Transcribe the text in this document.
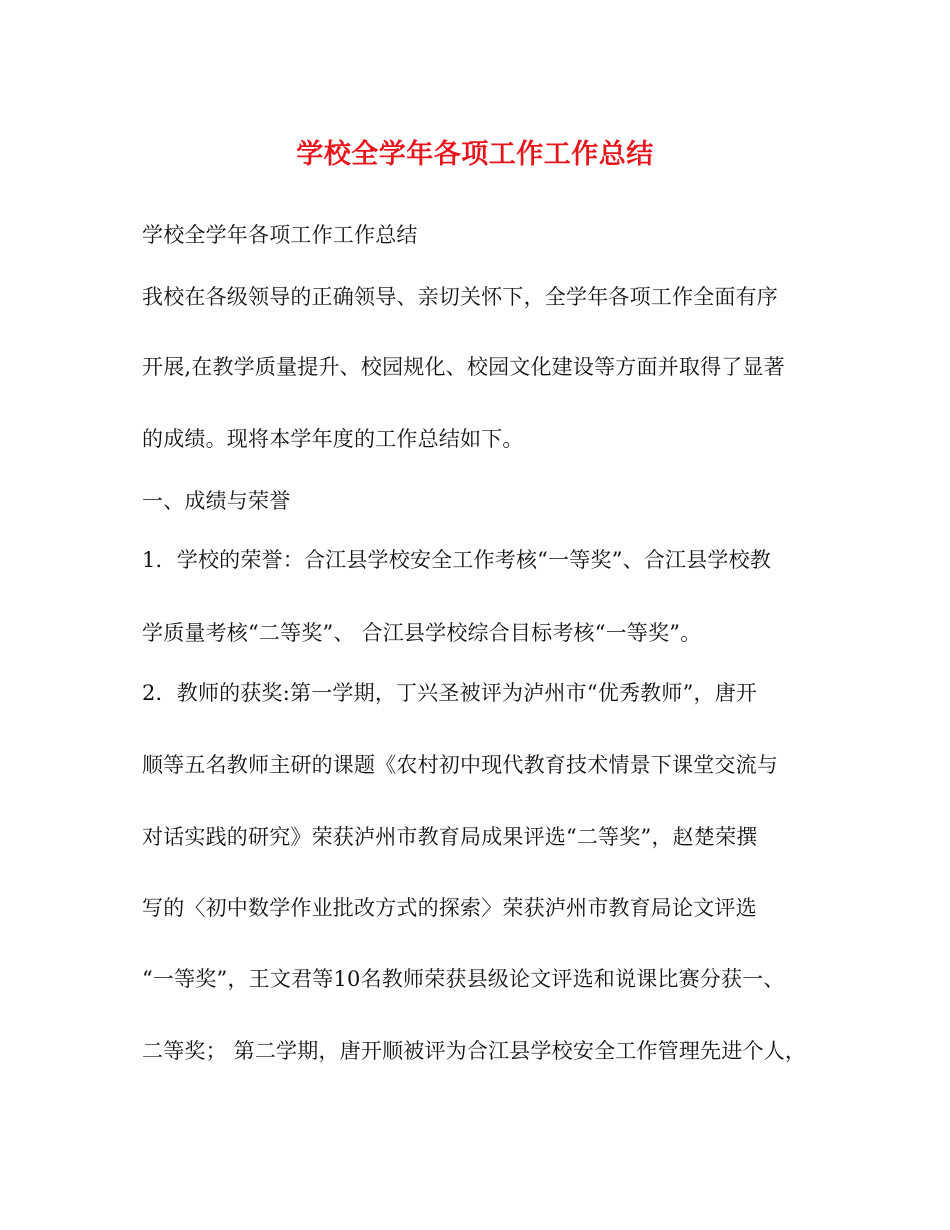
学校全学年各项工作工作总结
学校全学年各项工作工作总结
我校在各级领导的正确领导、亲切关怀下，全学年各项工作全面有序
开展,在教学质量提升、校园规化、校园文化建设等方面并取得了显著
的成绩。现将本学年度的工作总结如下。
一、成绩与荣誉
1．学校的荣誉：合江县学校安全工作考核“一等奖”、合江县学校教
学质量考核“二等奖”、 合江县学校综合目标考核“一等奖”。
2．教师的获奖:第一学期，丁兴圣被评为泸州市“优秀教师”，唐开
顺等五名教师主研的课题《农村初中现代教育技术情景下课堂交流与
对话实践的研究》荣获泸州市教育局成果评选“二等奖”，赵楚荣撰
写的〈初中数学作业批改方式的探索〉荣获泸州市教育局论文评选
“一等奖”，王文君等10名教师荣获县级论文评选和说课比赛分获一、
二等奖； 第二学期，唐开顺被评为合江县学校安全工作管理先进个人，
